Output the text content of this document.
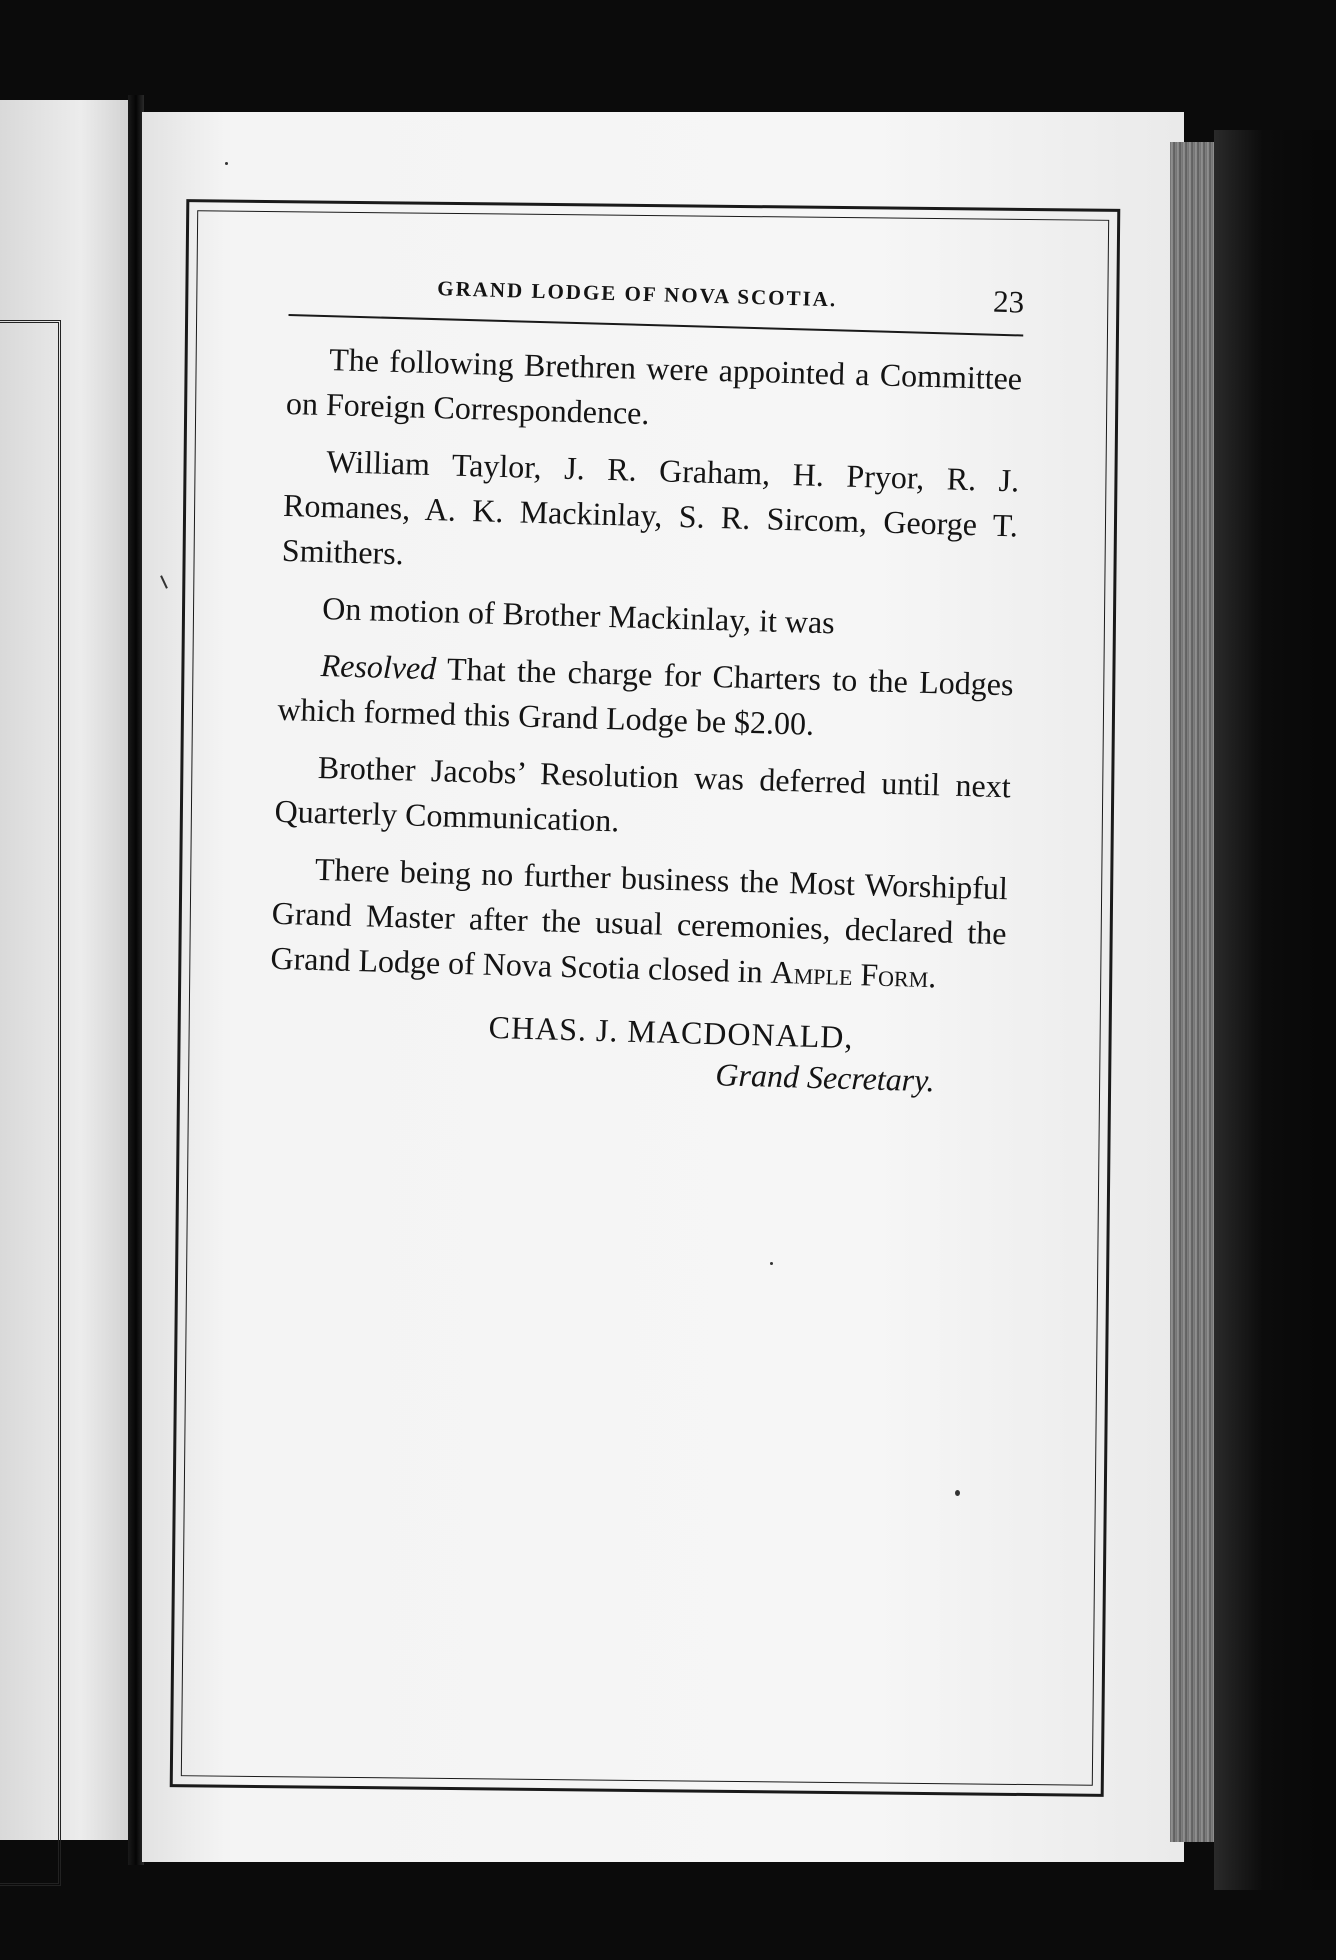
GRAND LODGE OF NOVA SCOTIA.	23

The following Brethren were appointed a Committee on Foreign Correspondence.

William Taylor, J. R. Graham, H. Pryor, R. J. Romanes, A. K. Mackinlay, S. R. Sircom, George T. Smithers.

On motion of Brother Mackinlay, it was

Resolved That the charge for Charters to the Lodges which formed this Grand Lodge be $2.00.

Brother Jacobs’ Resolution was deferred until next Quarterly Communication.

There being no further business the Most Worshipful Grand Master after the usual ceremonies, declared the Grand Lodge of Nova Scotia closed in Ample Form.

CHAS. J. MACDONALD,
Grand Secretary.
